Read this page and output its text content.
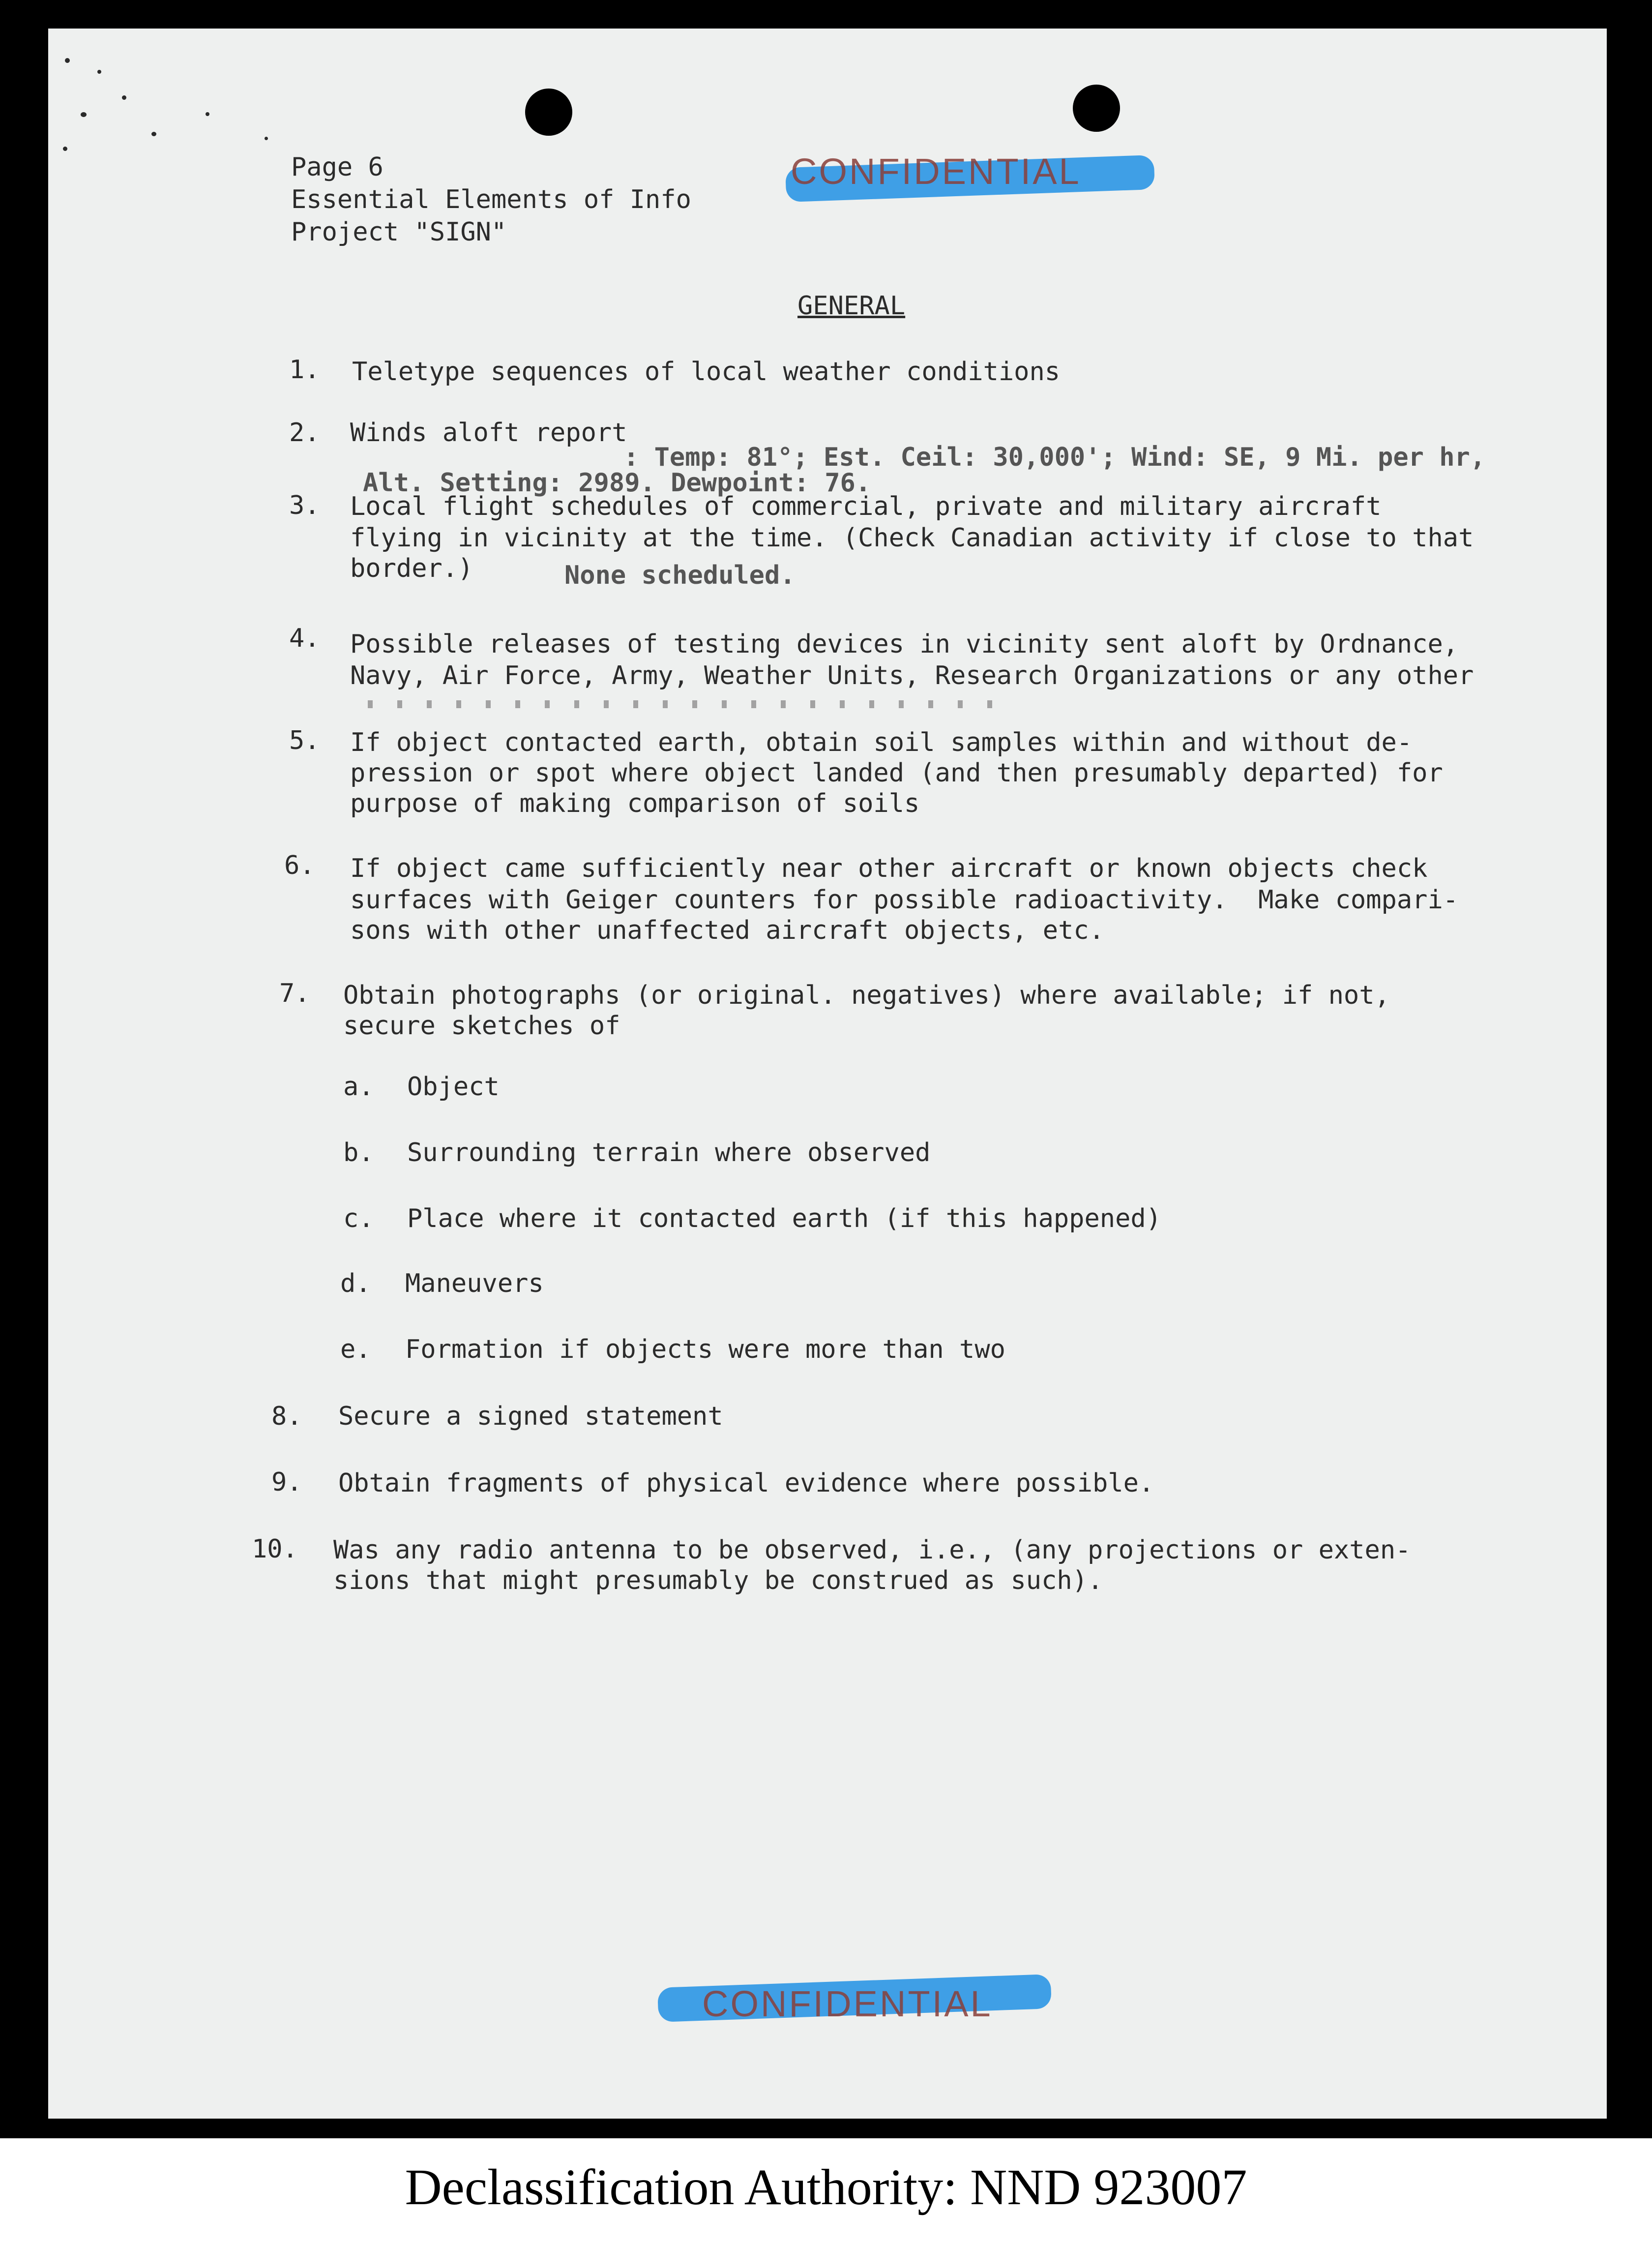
Page 6
Essential Elements of Info
Project "SIGN"
CONFIDENTIAL
GENERAL
1. Teletype sequences of local weather conditions
2. Winds aloft report
: Temp: 81°; Est. Ceil: 30,000'; Wind: SE, 9 Mi. per hr,
Alt. Setting: 2989. Dewpoint: 76.
3. Local flight schedules of commercial, private and military aircraft
flying in vicinity at the time. (Check Canadian activity if close to that
border.)	None scheduled.
4. Possible releases of testing devices in vicinity sent aloft by Ordnance,
Navy, Air Force, Army, Weather Units, Research Organizations or any other
5. If object contacted earth, obtain soil samples within and without de-
pression or spot where object landed (and then presumably departed) for
purpose of making comparison of soils
6. If object came sufficiently near other aircraft or known objects check
surfaces with Geiger counters for possible radioactivity.  Make compari-
sons with other unaffected aircraft objects, etc.
7. Obtain photographs (or original. negatives) where available; if not,
secure sketches of
a. Object
b. Surrounding terrain where observed
c. Place where it contacted earth (if this happened)
d. Maneuvers
e. Formation if objects were more than two
8. Secure a signed statement
9. Obtain fragments of physical evidence where possible.
10. Was any radio antenna to be observed, i.e., (any projections or exten-
sions that might presumably be construed as such).
CONFIDENTIAL
Declassification Authority: NND 923007
